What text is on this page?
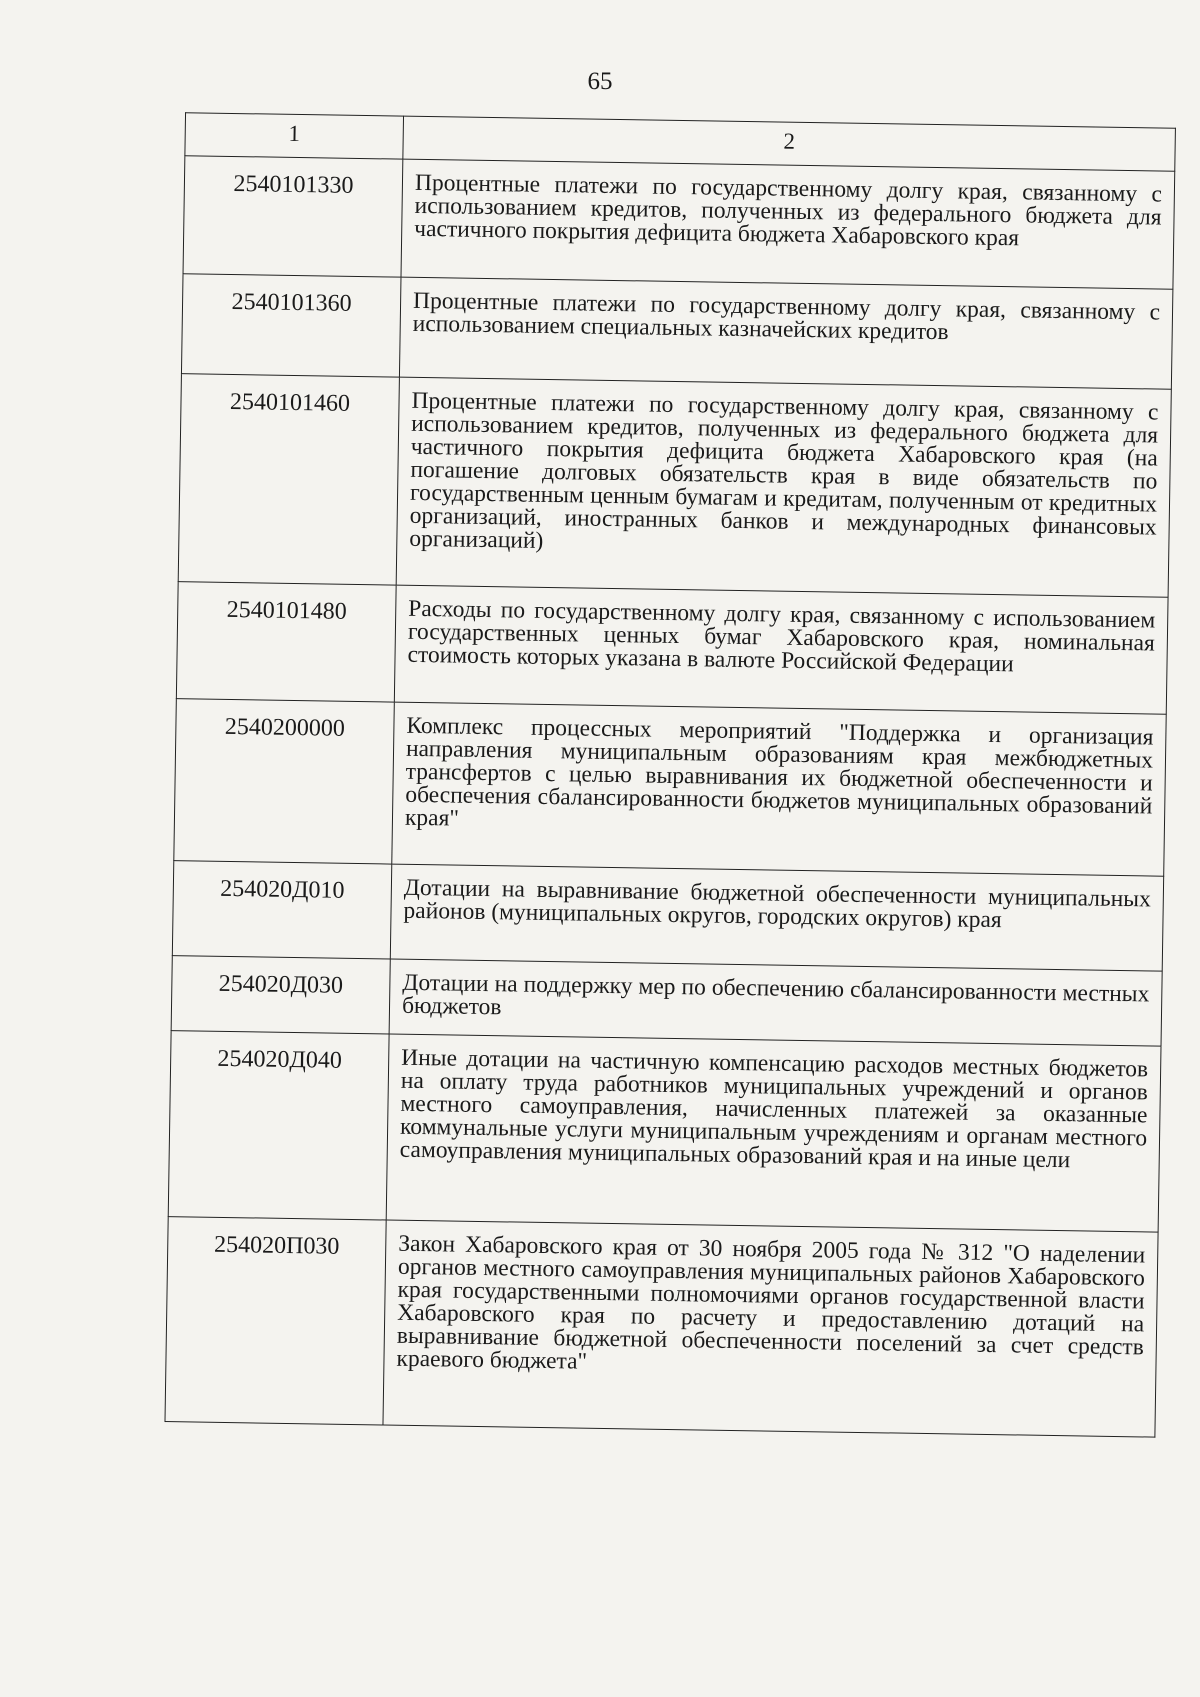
65
1	2
2540101330	Процентные платежи по государственному долгу края, связанному с использованием кредитов, полученных из федерального бюджета для частичного покрытия дефицита бюджета Хабаровского края
2540101360	Процентные платежи по государственному долгу края, связанному с использованием специальных казначейских кредитов
2540101460	Процентные платежи по государственному долгу края, связанному с использованием кредитов, полученных из федерального бюджета для частичного покрытия дефицита бюджета Хабаровского края (на погашение долговых обязательств края в виде обязательств по государственным ценным бумагам и кредитам, полученным от кредитных организаций, иностранных банков и международных финансовых организаций)
2540101480	Расходы по государственному долгу края, связанному с использованием государственных ценных бумаг Хабаровского края, номинальная стоимость которых указана в валюте Российской Федерации
2540200000	Комплекс процессных мероприятий "Поддержка и организация направления муниципальным образованиям края межбюджетных трансфертов с целью выравнивания их бюджетной обеспеченности и обеспечения сбалансированности бюджетов муниципальных образований края"
254020Д010	Дотации на выравнивание бюджетной обеспеченности муниципальных районов (муниципальных округов, городских округов) края
254020Д030	Дотации на поддержку мер по обеспечению сбалансированности местных бюджетов
254020Д040	Иные дотации на частичную компенсацию расходов местных бюджетов на оплату труда работников муниципальных учреждений и органов местного самоуправления, начисленных платежей за оказанные коммунальные услуги муниципальным учреждениям и органам местного самоуправления муниципальных образований края и на иные цели
254020П030	Закон Хабаровского края от 30 ноября 2005 года № 312 "О наделении органов местного самоуправления муниципальных районов Хабаровского края государственными полномочиями органов государственной власти Хабаровского края по расчету и предоставлению дотаций на выравнивание бюджетной обеспеченности поселений за счет средств краевого бюджета"
